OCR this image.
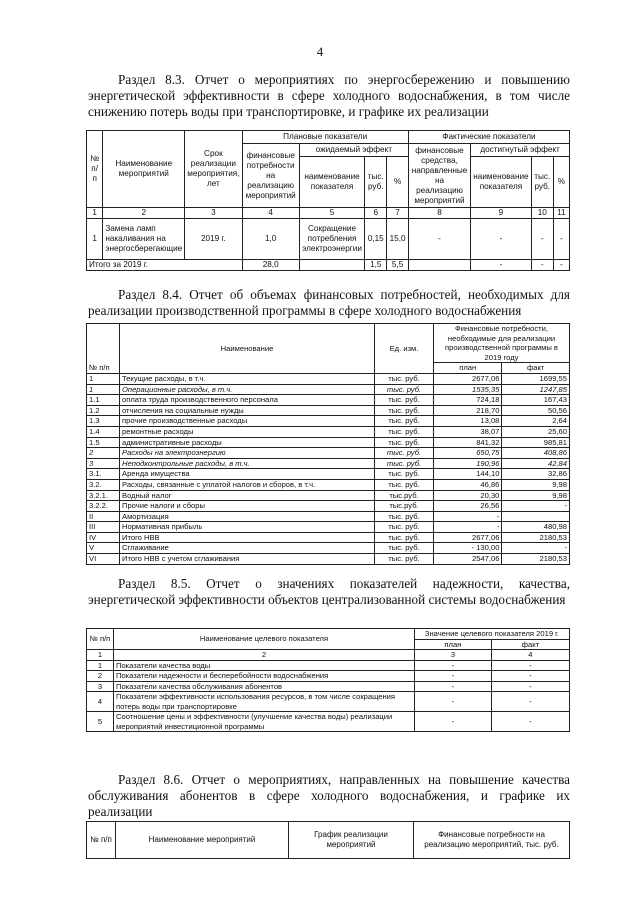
4
Раздел 8.3. Отчет о мероприятиях по энергосбережению и повышению энергетической эффективности в сфере холодного водоснабжения, в том числе снижению потерь воды при транспортировке, и графике их реализации
№ п/ п	Наименование мероприятий	Срок реализации мероприятия, лет	Плановые показатели				Фактические показатели			
			финансовые потребности на реализацию мероприятий	ожидаемый эффект			финансовые средства, направленные на реализацию мероприятий	достигнутый эффект		
				наименование показателя	тыс. руб.	%		наименование показателя	тыс. руб.	%
1	2	3	4	5	6	7	8	9	10	11
1	Замена ламп накаливания на энергосберегающие	2019 г.	1,0	Сокращение потребления электроэнергии	0,15	15,0	-	-	-	-
Итого за 2019 г.			28,0		1,5	5,5		-	-	-
Раздел 8.4. Отчет об объемах финансовых потребностей, необходимых для реализации производственной программы в сфере холодного водоснабжения
№ п/п	Наименование	Ед. изм.	Финансовые потребности, необходимые для реализации производственной программы в 2019 году	
			план	факт
1	Текущие расходы, в т.ч.	тыс. руб.	2677,06	1699,55
1	Операционные расходы, в т.ч.	тыс. руб.	1535,35	1247,85
1.1	оплата труда производственного персонала	тыс. руб.	724,18	167,43
1.2	отчисления на социальные нужды	тыс. руб.	218,70	50,56
1.3	прочие производственные расходы	тыс. руб.	13,08	2,64
1.4	ремонтные расходы	тыс. руб.	38,07	25,60
1.5	административные расходы	тыс. руб.	841,32	985,81
2	Расходы на электроэнергию	тыс. руб.	650,75	408,86
3	Неподконтрольные расходы, в т.ч.	тыс. руб.	190,96	42,84
3.1.	Аренда имущества	тыс. руб.	144,10	32,86
3.2.	Расходы, связанные с уплатой налогов и сборов, в т.ч.	тыс. руб.	46,86	9,98
3.2.1.	Водный налог	тыс.руб.	20,30	9,98
3.2.2.	Прочие налоги и сборы	тыс.руб.	26,56	-
II	Амортизация	тыс. руб.	-	
III	Нормативная прибыль	тыс. руб.	-	480,98
IV	Итого НВВ	тыс. руб.	2677,06	2180,53
V	Сглаживание	тыс. руб.	- 130,00	-
VI	Итого НВВ с учетом сглаживания	тыс. руб.	2547,06	2180,53
Раздел 8.5. Отчет о значениях показателей надежности, качества, энергетической эффективности объектов централизованной системы водоснабжения
№ п/п	Наименование целевого показателя	Значение целевого показателя 2019 г.	
		план	факт
1	2	3	4
1	Показатели качества воды	-	-
2	Показатели надежности и бесперебойности водоснабжения	-	-
3	Показатели качества обслуживания абонентов	-	-
4	Показатели эффективности использования ресурсов, в том числе сокращения потерь воды при транспортировке	-	-
5	Соотношение цены и эффективности (улучшение качества воды) реализации мероприятий инвестиционной программы	-	-
Раздел 8.6. Отчет о мероприятиях, направленных на повышение качества обслуживания абонентов в сфере холодного водоснабжения, и графике их реализации
№ п/п	Наименование мероприятий	График реализации мероприятий	Финансовые потребности на реализацию мероприятий, тыс. руб.
